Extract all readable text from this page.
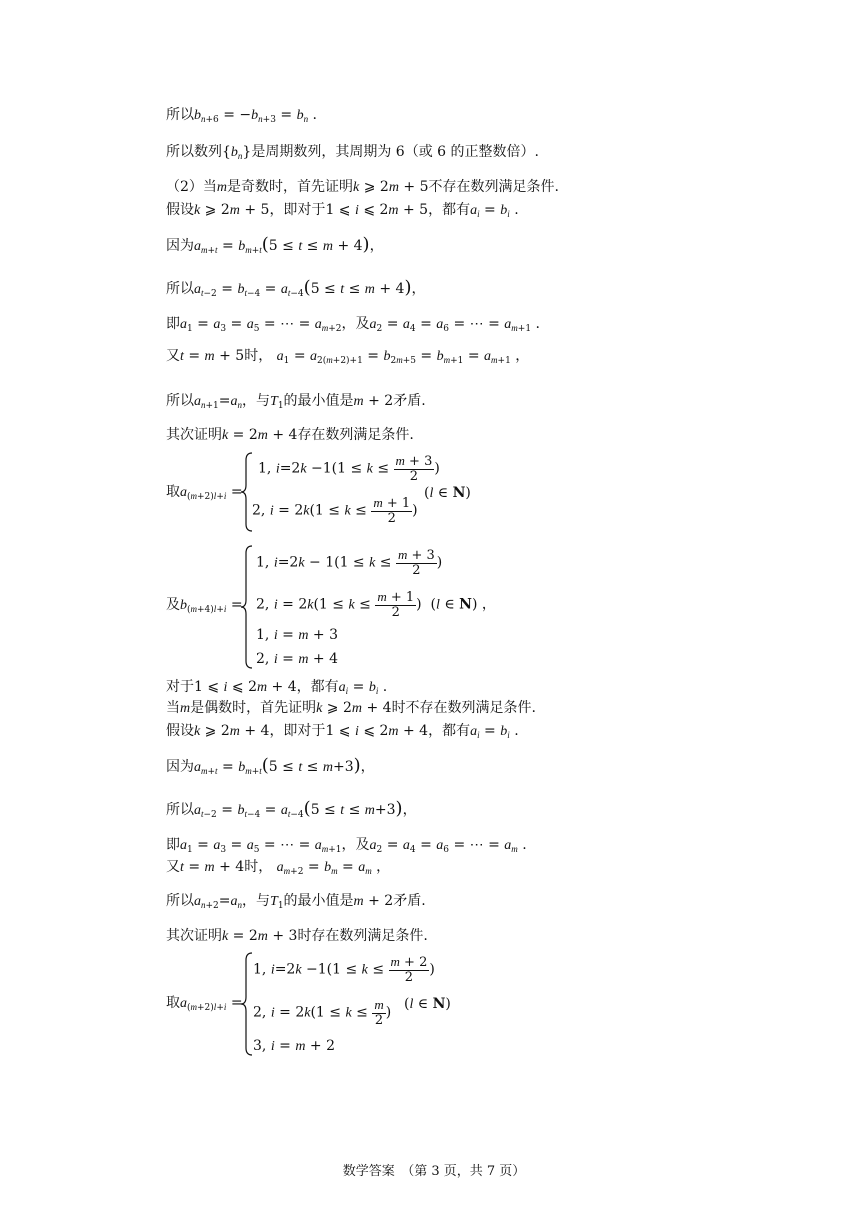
所以$b_{n+6} = -b_{n+3} = b_n$ .
所以数列$\{b_n\}$是周期数列，其周期为 6（或 6 的正整数倍）.
（2）当m是奇数时，首先证明k ⩾ 2m + 5不存在数列满足条件.
假设k ⩾ 2m + 5，即对于1 ⩽ i ⩽ 2m + 5，都有$a_i = b_i$ .
因为$a_{m+t} = b_{m+t}(5 \le t \le m + 4)$，
所以$a_{t-2} = b_{t-4} = a_{t-4}(5 \le t \le m + 4)$，
即$a_1 = a_3 = a_5$ = ⋯ = $a_{m+2}$，及$a_2 = a_4 = a_6$ = ⋯ = $a_{m+1}$ .
又t = m + 5时， $a_1 = a_{2(m+2)+1} = b_{2m+5} = b_{m+1} = a_{m+1}$ ，
所以$a_{n+1}=a_n$，与$T_1$的最小值是m + 2矛盾.
其次证明k = 2m + 4存在数列满足条件.
取$a_{(m+2)l+i}$ =
1, $i=2k -1(1 \le k \le \frac{m + 3}{2}$ )
2, $i = 2k(1 \le k \le \frac{m + 1}{2}$ )
(l ∈ N)
及$b_{(m+4)l+i}$ =
1, $i=2k - 1(1 \le k \le \frac{m + 3}{2}$ )
2, $i = 2k(1 \le k \le \frac{m + 1}{2}$ )  (l ∈ N) ，
1, i = m + 3
2, i = m + 4
对于1 ⩽ i ⩽ 2m + 4，都有$a_i = b_i$ .
当m是偶数时，首先证明k ⩾ 2m + 4时不存在数列满足条件.
假设k ⩾ 2m + 4，即对于1 ⩽ i ⩽ 2m + 4，都有$a_i = b_i$ .
因为$a_{m+t} = b_{m+t}(5 \le t \le m+3)$，
所以$a_{t-2} = b_{t-4} = a_{t-4}(5 \le t \le m+3)$，
即$a_1 = a_3 = a_5$ = ⋯ = $a_{m+1}$，及$a_2 = a_4 = a_6$ = ⋯ = $a_m$ .
又t = m + 4时， $a_{m+2} = b_m = a_m$ ，
所以$a_{n+2}=a_n$，与$T_1$的最小值是m + 2矛盾.
其次证明k = 2m + 3时存在数列满足条件.
取$a_{(m+2)l+i}$ =
1, $i=2k -1(1 \le k \le \frac{m + 2}{2}$ )
2, $i = 2k(1 \le k \le \frac{m}{2}$ )
(l ∈ N)
3, i = m + 2
数学答案　（第 3 页，共 7 页）
